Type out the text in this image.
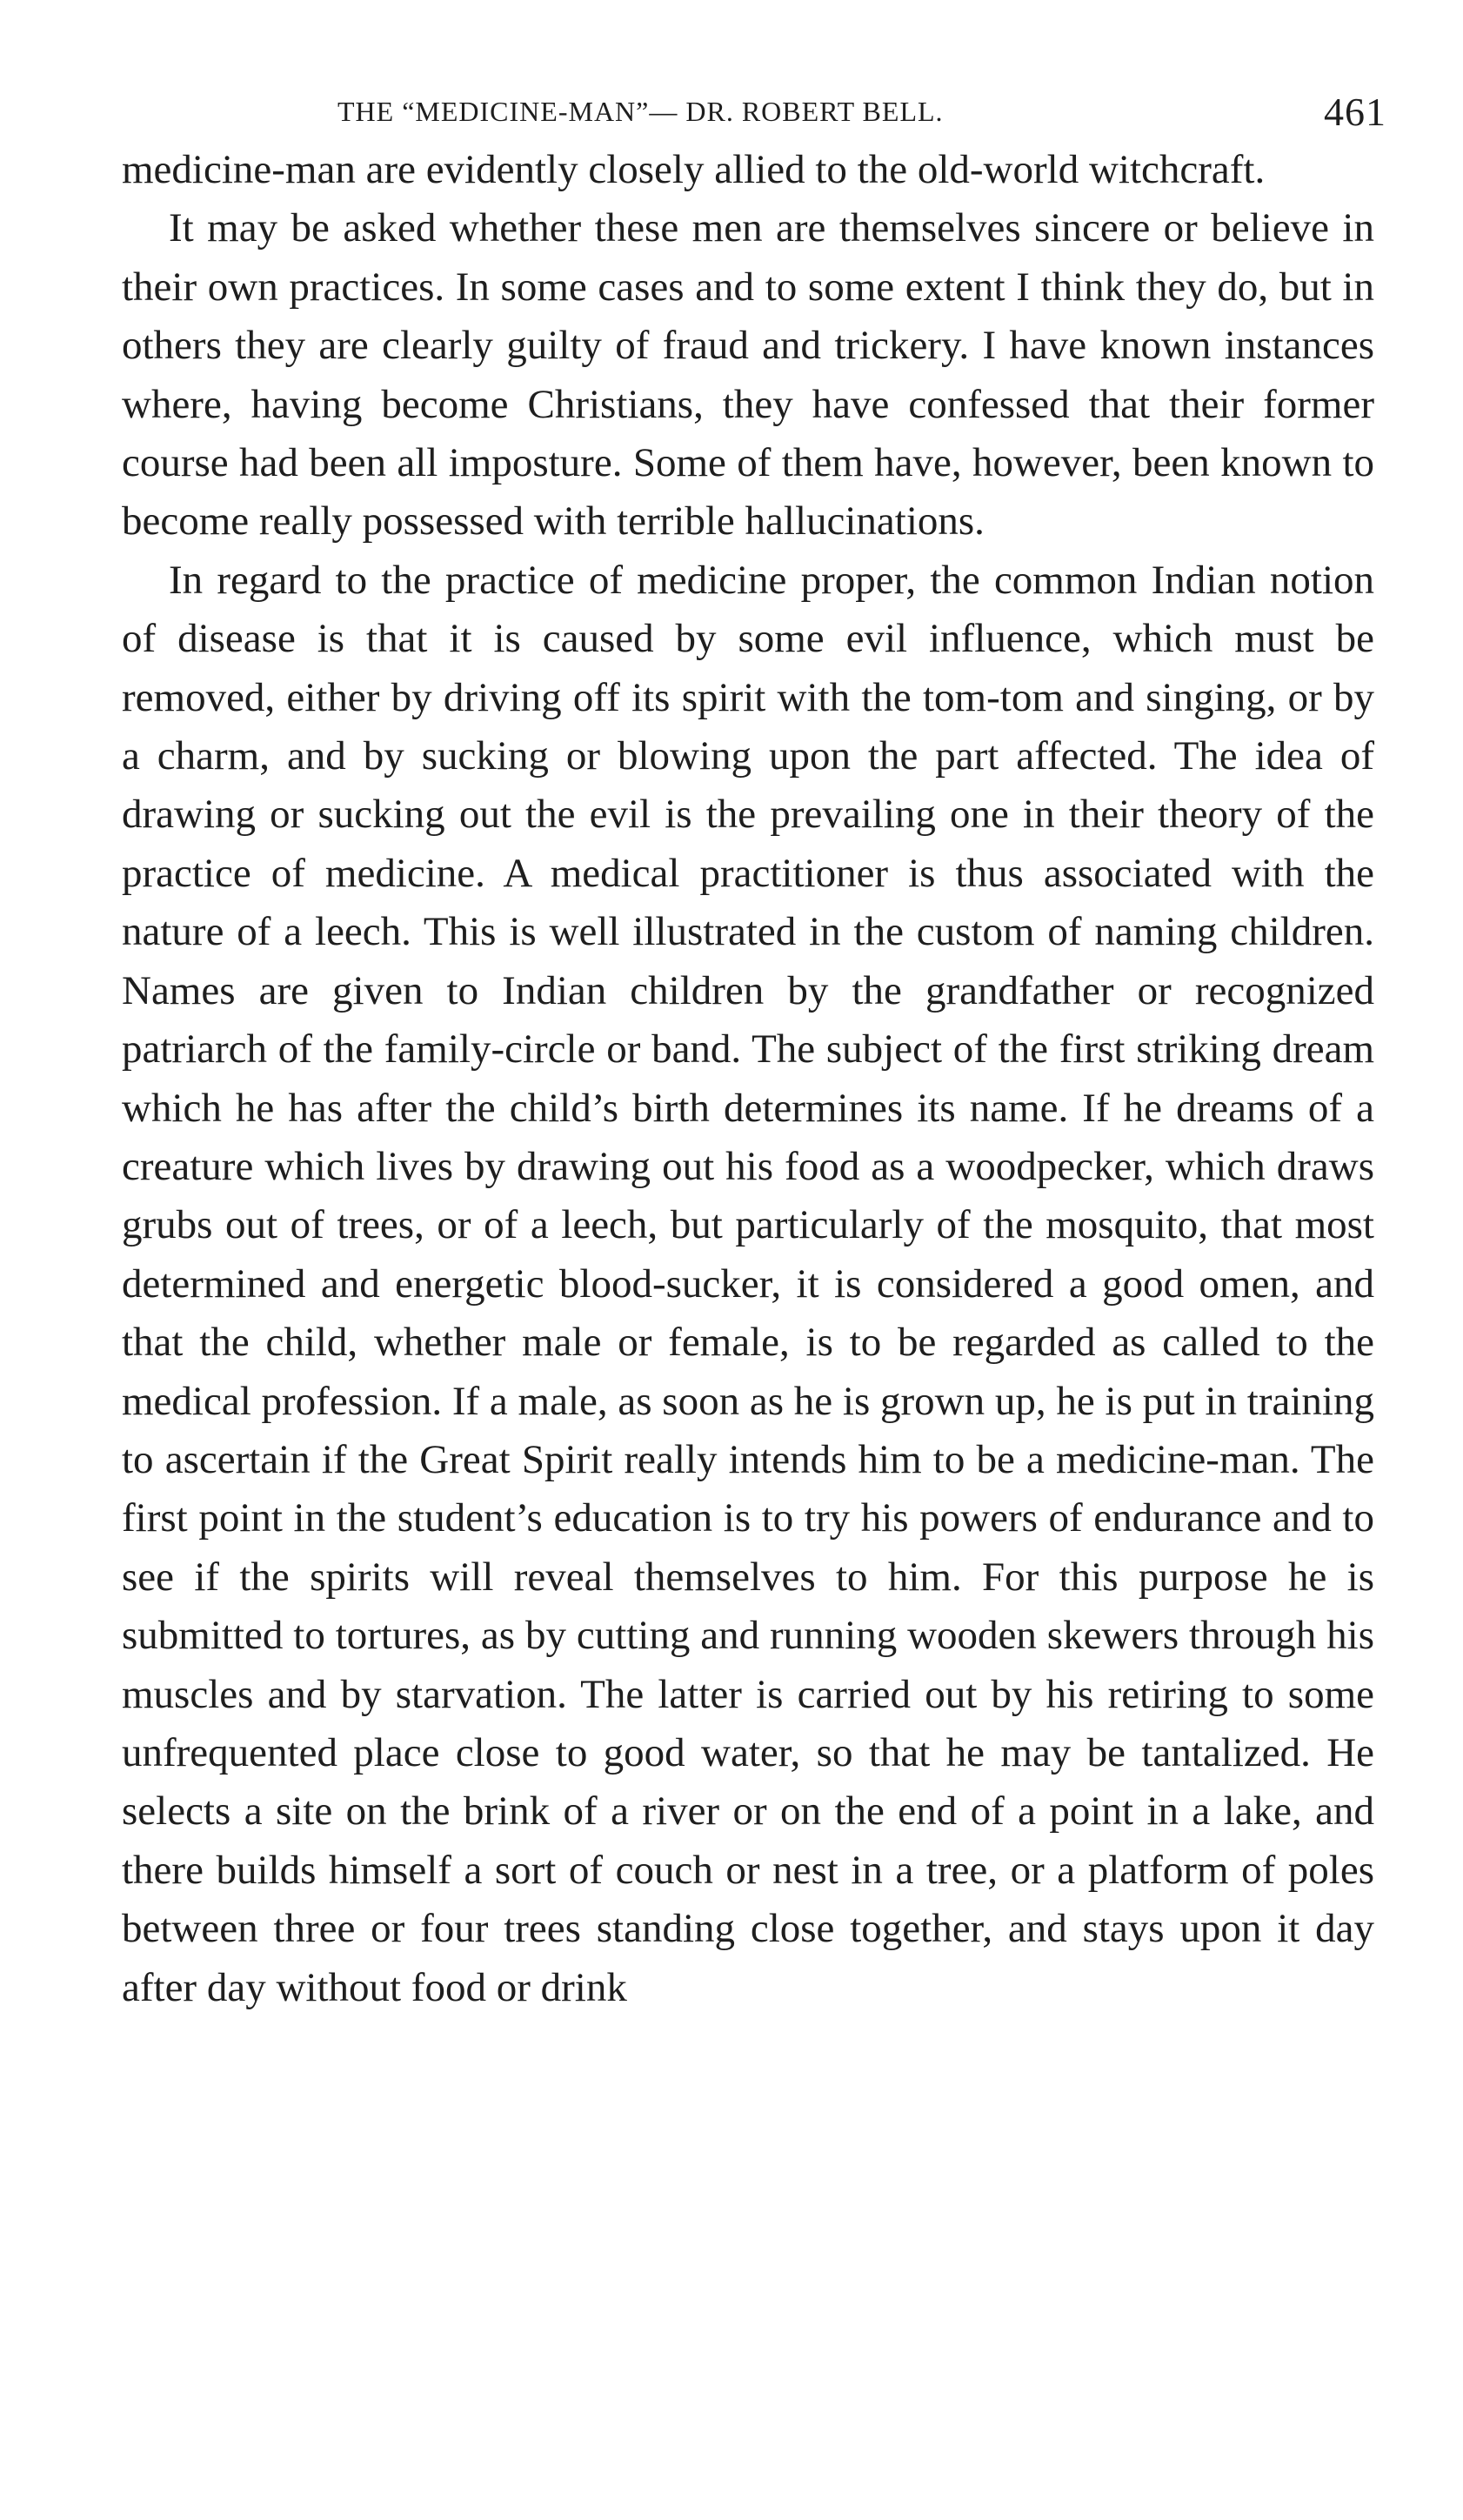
THE “MEDICINE-MAN”— DR. ROBERT BELL.	461

medicine-man are evidently closely allied to the old-world witchcraft.

It may be asked whether these men are themselves sincere or believe in their own practices. In some cases and to some extent I think they do, but in others they are clearly guilty of fraud and trickery. I have known instances where, having become Christians, they have confessed that their former course had been all imposture. Some of them have, however, been known to become really possessed with terrible hallucinations.

In regard to the practice of medicine proper, the common Indian notion of disease is that it is caused by some evil influence, which must be removed, either by driving off its spirit with the tom-tom and singing, or by a charm, and by sucking or blowing upon the part affected. The idea of drawing or sucking out the evil is the prevailing one in their theory of the practice of medicine. A medical practitioner is thus associated with the nature of a leech. This is well illustrated in the custom of naming children. Names are given to Indian children by the grandfather or recognized patriarch of the family-circle or band. The subject of the first striking dream which he has after the child’s birth determines its name. If he dreams of a creature which lives by drawing out his food as a woodpecker, which draws grubs out of trees, or of a leech, but particularly of the mosquito, that most determined and energetic blood-sucker, it is considered a good omen, and that the child, whether male or female, is to be regarded as called to the medical profession. If a male, as soon as he is grown up, he is put in training to ascertain if the Great Spirit really intends him to be a medicine-man. The first point in the student’s education is to try his powers of endurance and to see if the spirits will reveal themselves to him. For this purpose he is submitted to tortures, as by cutting and running wooden skewers through his muscles and by starvation. The latter is carried out by his retiring to some unfrequented place close to good water, so that he may be tantalized. He selects a site on the brink of a river or on the end of a point in a lake, and there builds himself a sort of couch or nest in a tree, or a platform of poles between three or four trees standing close together, and stays upon it day after day without food or drink
